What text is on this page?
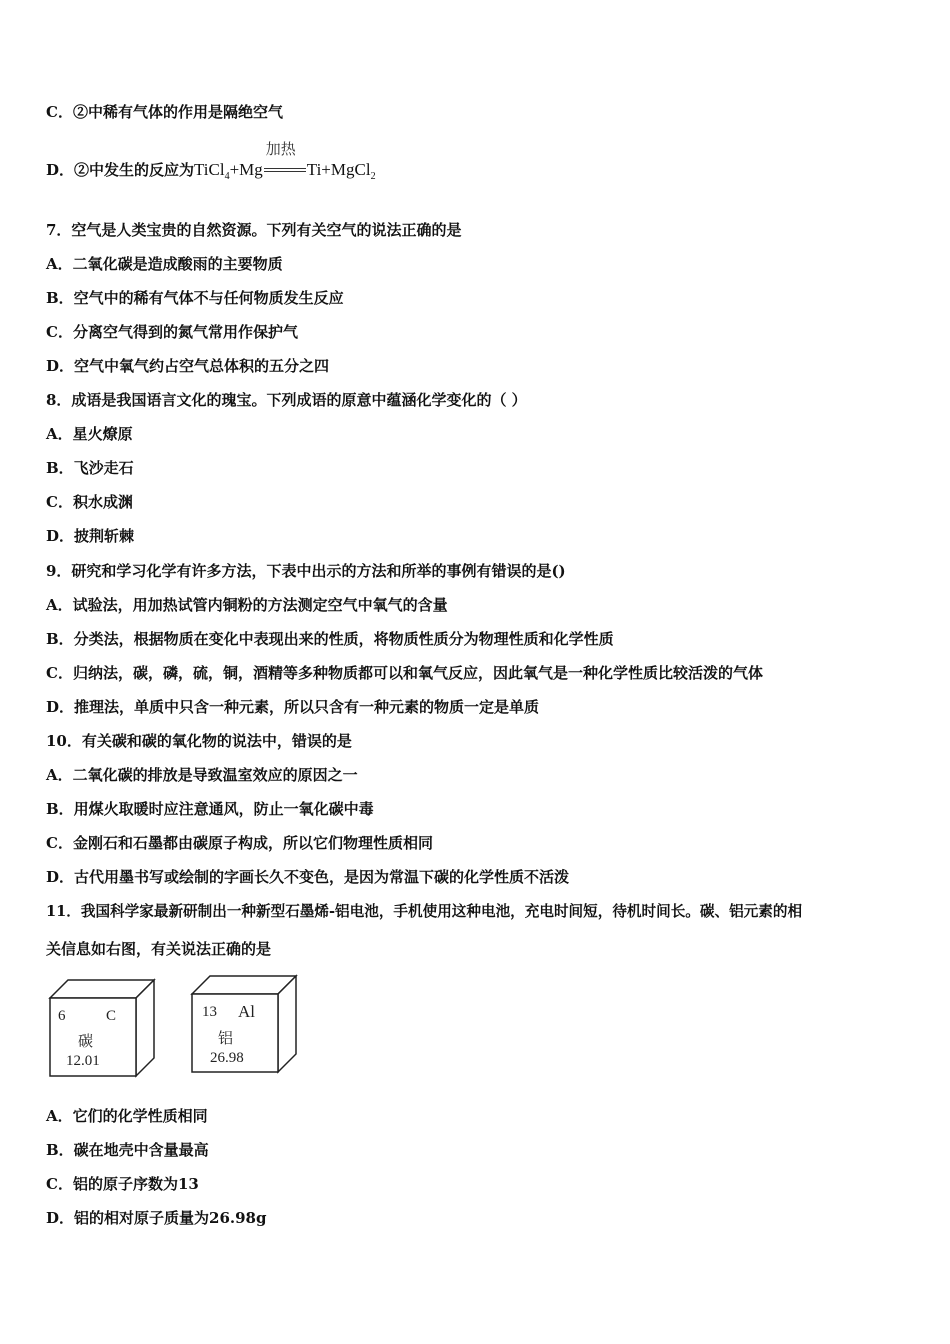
C．②中稀有气体的作用是隔绝空气
D．②中发生的反应为TiCl$_4$+Mg
加热
Ti+MgCl$_2$
7．空气是人类宝贵的自然资源。下列有关空气的说法正确的是
A．二氧化碳是造成酸雨的主要物质
B．空气中的稀有气体不与任何物质发生反应
C．分离空气得到的氮气常用作保护气
D．空气中氧气约占空气总体积的五分之四
8．成语是我国语言文化的瑰宝。下列成语的原意中蕴涵化学变化的（ ）
A．星火燎原
B．飞沙走石
C．积水成渊
D．披荆斩棘
9．研究和学习化学有许多方法，下表中出示的方法和所举的事例有错误的是()
A．试验法，用加热试管内铜粉的方法测定空气中氧气的含量
B．分类法，根据物质在变化中表现出来的性质，将物质性质分为物理性质和化学性质
C．归纳法，碳，磷，硫，铜，酒精等多种物质都可以和氧气反应，因此氧气是一种化学性质比较活泼的气体
D．推理法，单质中只含一种元素，所以只含有一种元素的物质一定是单质
10．有关碳和碳的氧化物的说法中，错误的是
A．二氧化碳的排放是导致温室效应的原因之一
B．用煤火取暖时应注意通风，防止一氧化碳中毒
C．金刚石和石墨都由碳原子构成，所以它们物理性质相同
D．古代用墨书写或绘制的字画长久不变色，是因为常温下碳的化学性质不活泼
11．我国科学家最新研制出一种新型石墨烯-铝电池，手机使用这种电池，充电时间短，待机时间长。碳、铝元素的相
关信息如右图，有关说法正确的是
6	C
碳
12.01
13 Al
铝
26.98
A．它们的化学性质相同
B．碳在地壳中含量最高
C．铝的原子序数为13
D．铝的相对原子质量为26.98g
